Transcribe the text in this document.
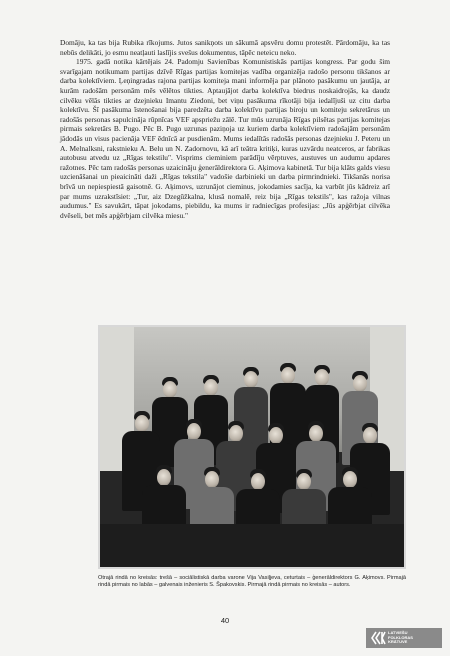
Domāju, ka tas bija Rubika rīkojums. Jutos sanikņots un sākumā apsvēru domu protestēt. Pārdomāju, ka tas nebūs delikāti, jo esmu neatļauti laslījis svešus dokumentus, tāpēc neteicu neko.

1975. gadā notika kārtējais 24. Padomju Savienības Komunistiskās partijas kongress. Par godu šim svarīgajam notikumam partijas dzīvē Rīgas partijas komitejas vadība organizēja radošo personu tikšanos ar darba kolektīviem. Ļeņingradas rajona partijas komiteja mani informēja par plānoto pasākumu un jautāja, ar kurām radošām personām mēs vēlētos tikties. Aptaujājot darba kolektīva biedrus noskaidrojās, ka daudz cilvēku vēlās tikties ar dzejnieku Imantu Ziedoni, bet viņu pasākuma rīkotāji bija iedalījuši uz citu darba kolektīvu. Šī pasākuma īstenošanai bija paredzēta darba kolektīvu partijas biroju un komiteju sekretārus un radošās personas sapulcināja rūpnīcas VEF apspriežu zālē. Tur mūs uzrunāja Rīgas pilsētas partijas komitejas pirmais sekretārs B. Pugo. Pēc B. Pugo uzrunas paziņoja uz kuriem darba kolektīviem radošajām personām jādodās un visus pacienāja VEF ēdnīcā ar pusdienām. Mums iedalītās radošās personas dzejnieku J. Peteru un A. Melnalksni, rakstnieku A. Belu un N. Zadornovu, kā arī teātra kritiķi, kuras uzvārdu neatceros, ar fabrikas autobusu atvedu uz „Rīgas tekstilu". Visprims cieminiem parādīju vērptuves, austuves un audumu apdares ražotnes. Pēc tam radošās personas uzaicināju ģenerāldirektora G. Aķimova kabinetā. Tur bija klāts galds viesu uzcienāšanai un pieaicināti daži „Rīgas tekstila" vadošie darbinieki un darba pirmrindnieki. Tikšanās norisa brīvā un nepiespiestā gaisotnē. G. Aķimovs, uzrunājot cieminus, jokodamies sacīja, ka varbūt jūs kādreiz arī par mums uzrakstīsiet: „Tur, aiz Dzegūžkalna, klusā nomalē, reiz bija „Rīgas tekstils", kas ražoja vilnas audumus." Es savukārt, tāpat jokodams, piebildu, ka mums ir radniecīgas profesijas: „Jūs apģērbjat cilvēka dvēseli, bet mēs apģērbjam cilvēka miesu."

Otrajā rindā no kreisās: trešā – sociālistiskā darba varone Vija Vasiļjeva, ceturtais – ģenerāldirektors G. Aķimovs. Pirmajā rindā pirmais no labās – galvenais inženieris S. Špakovskis. Pirmajā rindā pirmais no kreisās – autors.
40
LATVIEŠU
FOLKLORAS
KRĀTUVE
